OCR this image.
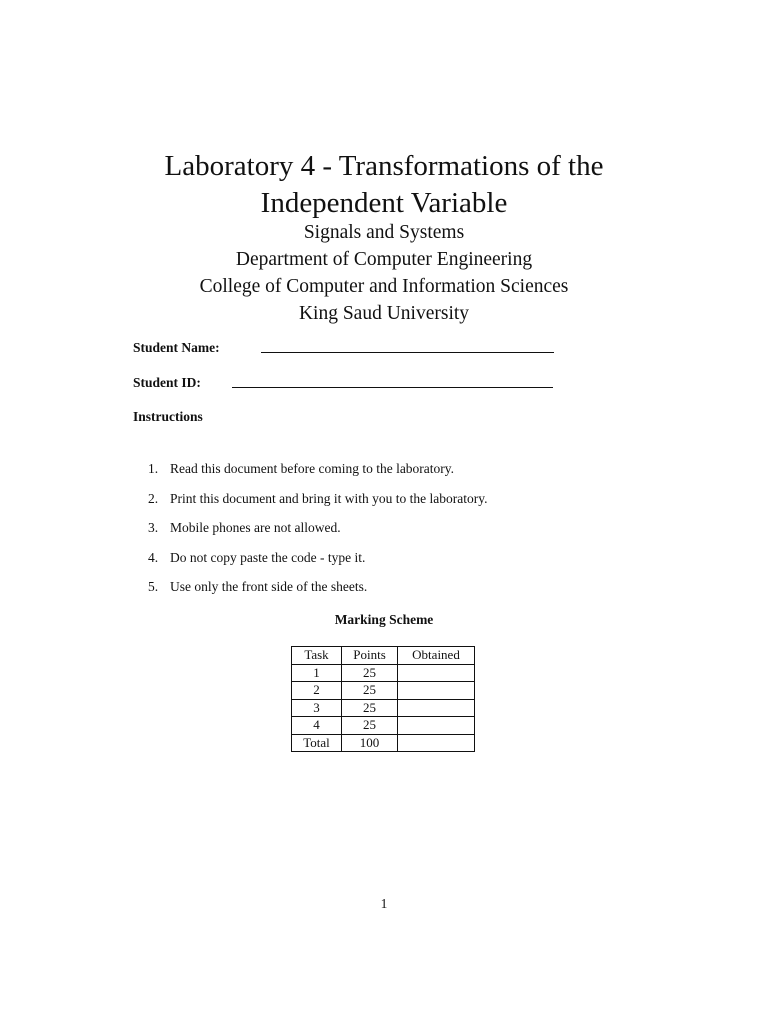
Laboratory 4 - Transformations of the
Independent Variable
Signals and Systems
Department of Computer Engineering
College of Computer and Information Sciences
King Saud University
Student Name:
Student ID:
Instructions
1. Read this document before coming to the laboratory.
2. Print this document and bring it with you to the laboratory.
3. Mobile phones are not allowed.
4. Do not copy paste the code - type it.
5. Use only the front side of the sheets.
Marking Scheme
Task	Points	Obtained
1	25	
2	25	
3	25	
4	25	
Total	100	
1
